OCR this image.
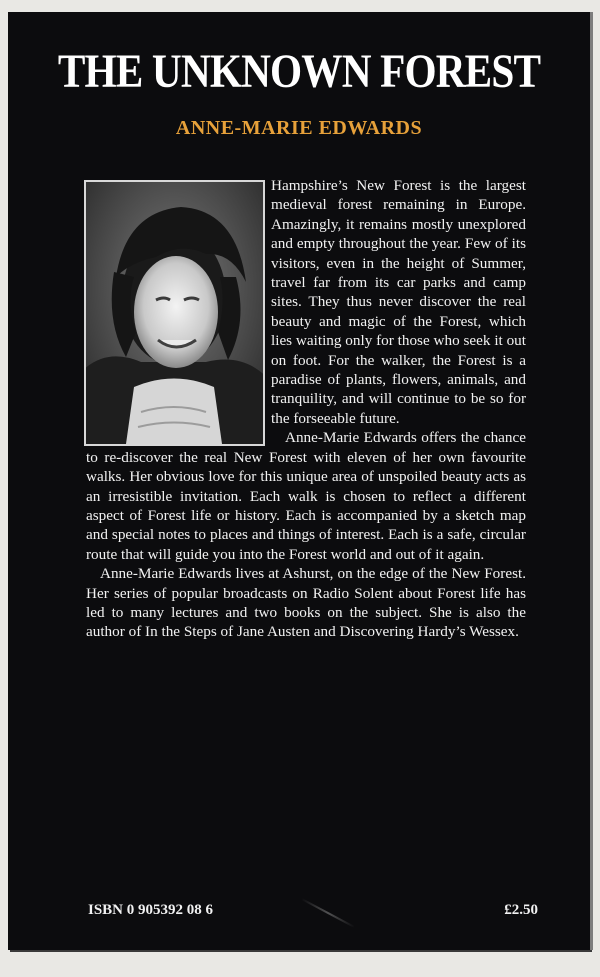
THE UNKNOWN FOREST
ANNE-MARIE EDWARDS

Hampshire’s New Forest is the largest medieval forest remaining in Europe. Amazingly, it remains mostly unexplored and empty throughout the year. Few of its visitors, even in the height of Summer, travel far from its car parks and camp sites. They thus never discover the real beauty and magic of the Forest, which lies waiting only for those who seek it out on foot. For the walker, the Forest is a paradise of plants, flowers, animals, and tranquility, and will continue to be so for the forseeable future.

Anne-Marie Edwards offers the chance to re-discover the real New Forest with eleven of her own favourite walks. Her obvious love for this unique area of unspoiled beauty acts as an irresistible invitation. Each walk is chosen to reflect a different aspect of Forest life or history. Each is accompanied by a sketch map and special notes to places and things of interest. Each is a safe, circular route that will guide you into the Forest world and out of it again.

Anne-Marie Edwards lives at Ashurst, on the edge of the New Forest. Her series of popular broadcasts on Radio Solent about Forest life has led to many lectures and two books on the subject. She is also the author of In the Steps of Jane Austen and Discovering Hardy’s Wessex.

ISBN 0 905392 08 6	£2.50
